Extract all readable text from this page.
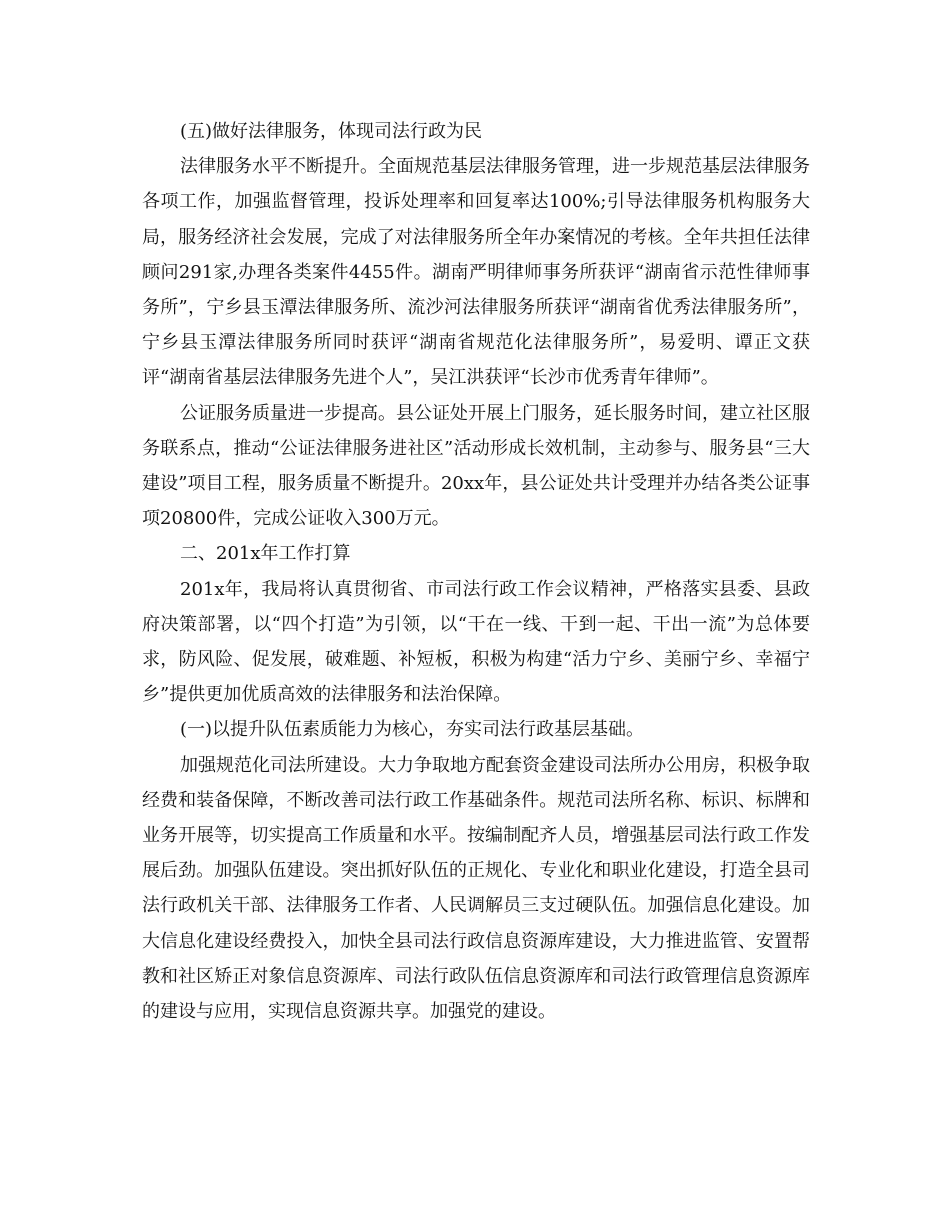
(五)做好法律服务，体现司法行政为民

法律服务水平不断提升。全面规范基层法律服务管理，进一步规范基层法律服务各项工作，加强监督管理，投诉处理率和回复率达100%;引导法律服务机构服务大局，服务经济社会发展，完成了对法律服务所全年办案情况的考核。全年共担任法律顾问291家,办理各类案件4455件。湖南严明律师事务所获评“湖南省示范性律师事务所”，宁乡县玉潭法律服务所、流沙河法律服务所获评“湖南省优秀法律服务所”，宁乡县玉潭法律服务所同时获评“湖南省规范化法律服务所”，易爱明、谭正文获评“湖南省基层法律服务先进个人”，吴江洪获评“长沙市优秀青年律师”。

公证服务质量进一步提高。县公证处开展上门服务，延长服务时间，建立社区服务联系点，推动“公证法律服务进社区”活动形成长效机制，主动参与、服务县“三大建设”项目工程，服务质量不断提升。20xx年，县公证处共计受理并办结各类公证事项20800件，完成公证收入300万元。

二、201x年工作打算

201x年，我局将认真贯彻省、市司法行政工作会议精神，严格落实县委、县政府决策部署，以“四个打造”为引领，以“干在一线、干到一起、干出一流”为总体要求，防风险、促发展，破难题、补短板，积极为构建“活力宁乡、美丽宁乡、幸福宁乡”提供更加优质高效的法律服务和法治保障。

(一)以提升队伍素质能力为核心，夯实司法行政基层基础。

加强规范化司法所建设。大力争取地方配套资金建设司法所办公用房，积极争取经费和装备保障，不断改善司法行政工作基础条件。规范司法所名称、标识、标牌和业务开展等，切实提高工作质量和水平。按编制配齐人员，增强基层司法行政工作发展后劲。加强队伍建设。突出抓好队伍的正规化、专业化和职业化建设，打造全县司法行政机关干部、法律服务工作者、人民调解员三支过硬队伍。加强信息化建设。加大信息化建设经费投入，加快全县司法行政信息资源库建设，大力推进监管、安置帮教和社区矫正对象信息资源库、司法行政队伍信息资源库和司法行政管理信息资源库的建设与应用，实现信息资源共享。加强党的建设。
